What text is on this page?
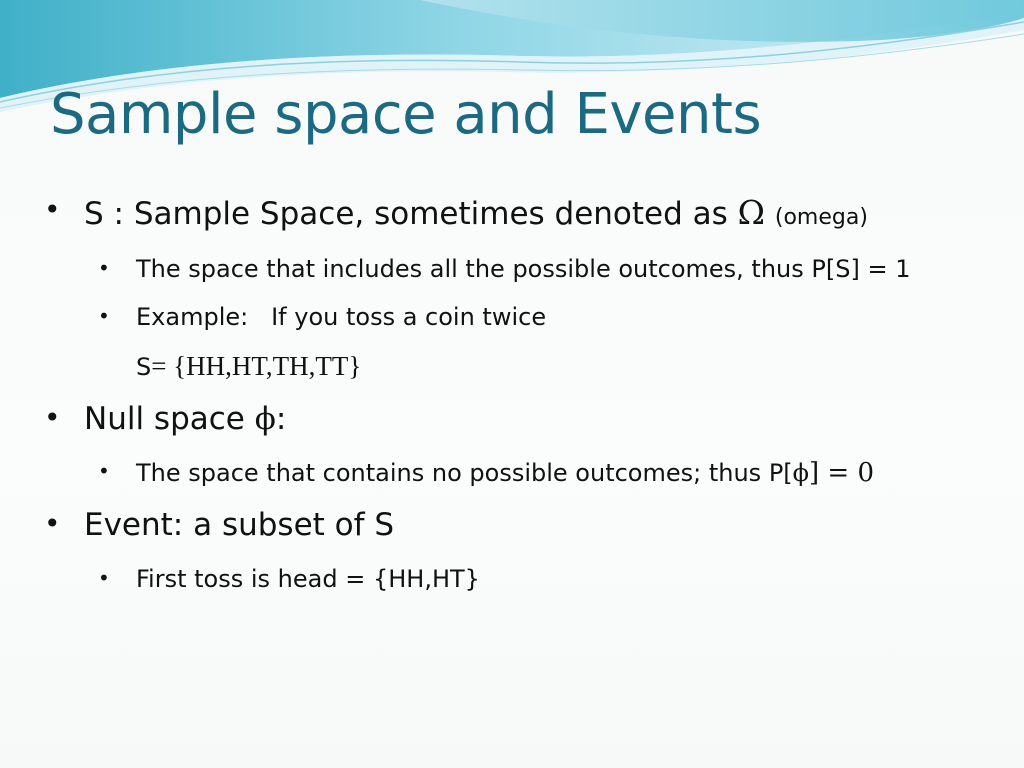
Sample space and Events
• S : Sample Space, sometimes denoted as Ω (omega)
• The space that includes all the possible outcomes, thus P[S] = 1
• Example:   If you toss a coin twice
S= {HH,HT,TH,TT}
• Null space ϕ:
• The space that contains no possible outcomes; thus P[ϕ] = 0
• Event: a subset of S
• First toss is head = {HH,HT}
